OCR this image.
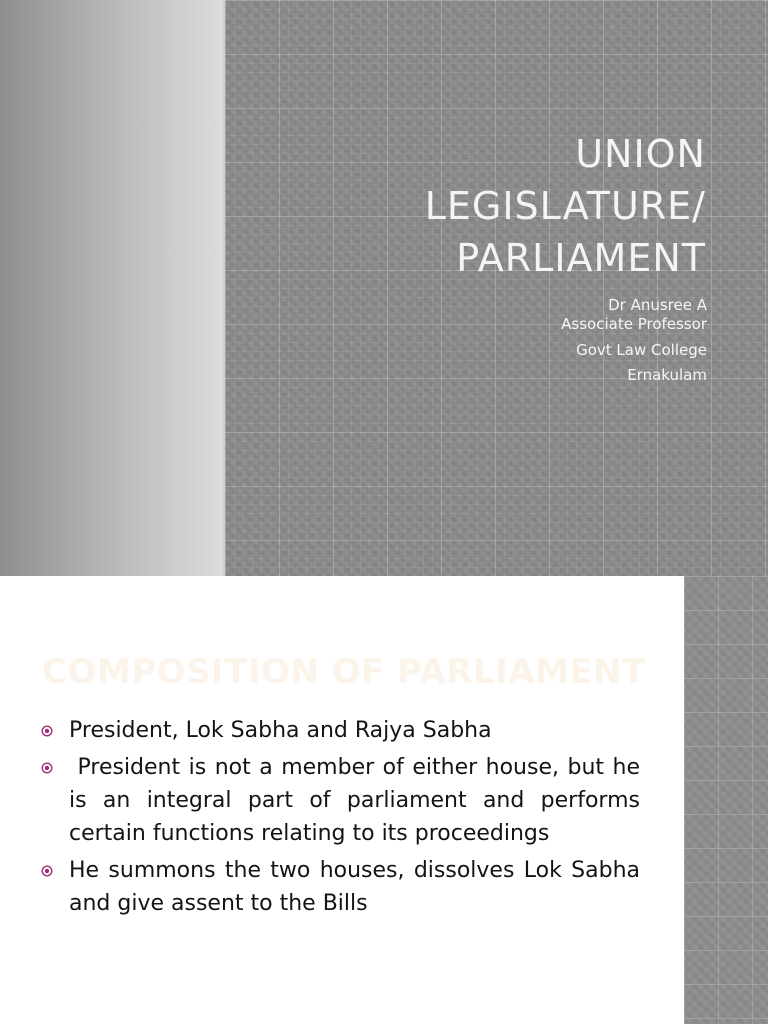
UNION
LEGISLATURE/
PARLIAMENT
Dr Anusree A
Associate Professor
Govt Law College
Ernakulam
COMPOSITION OF PARLIAMENT
President, Lok Sabha and Rajya Sabha
President is not a member of either house, but he is an integral part of parliament and performs certain functions relating to its proceedings
He summons the two houses, dissolves Lok Sabha and give assent to the Bills
